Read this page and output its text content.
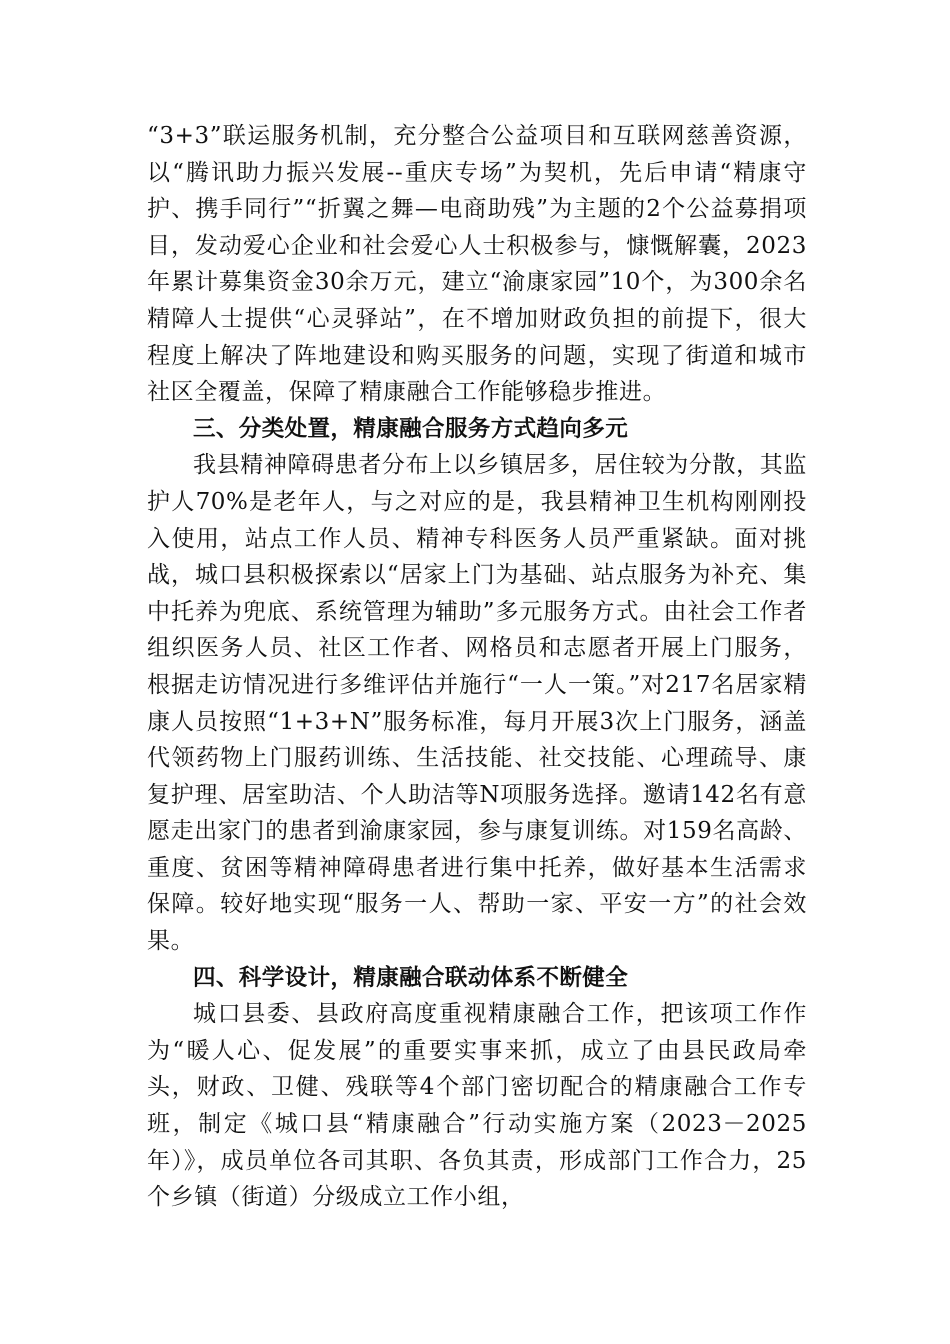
“3+3”联运服务机制，充分整合公益项目和互联网慈善资源，以“腾讯助力振兴发展--重庆专场”为契机，先后申请“精康守护、携手同行”“折翼之舞—电商助残”为主题的2个公益募捐项目，发动爱心企业和社会爱心人士积极参与，慷慨解囊，2023年累计募集资金30余万元，建立“渝康家园”10个，为300余名精障人士提供“心灵驿站”，在不增加财政负担的前提下，很大程度上解决了阵地建设和购买服务的问题，实现了街道和城市社区全覆盖，保障了精康融合工作能够稳步推进。

三、分类处置，精康融合服务方式趋向多元

我县精神障碍患者分布上以乡镇居多，居住较为分散，其监护人70%是老年人，与之对应的是，我县精神卫生机构刚刚投入使用，站点工作人员、精神专科医务人员严重紧缺。面对挑战，城口县积极探索以“居家上门为基础、站点服务为补充、集中托养为兜底、系统管理为辅助”多元服务方式。由社会工作者组织医务人员、社区工作者、网格员和志愿者开展上门服务，根据走访情况进行多维评估并施行“一人一策。”对217名居家精康人员按照“1+3+N”服务标准，每月开展3次上门服务，涵盖代领药物上门服药训练、生活技能、社交技能、心理疏导、康复护理、居室助洁、个人助洁等N项服务选择。邀请142名有意愿走出家门的患者到渝康家园，参与康复训练。对159名高龄、重度、贫困等精神障碍患者进行集中托养，做好基本生活需求保障。较好地实现“服务一人、帮助一家、平安一方”的社会效果。

四、科学设计，精康融合联动体系不断健全

城口县委、县政府高度重视精康融合工作，把该项工作作为“暖人心、促发展”的重要实事来抓，成立了由县民政局牵头，财政、卫健、残联等4个部门密切配合的精康融合工作专班，制定《城口县“精康融合”行动实施方案（2023－2025年）》，成员单位各司其职、各负其责，形成部门工作合力，25个乡镇（街道）分级成立工作小组，
